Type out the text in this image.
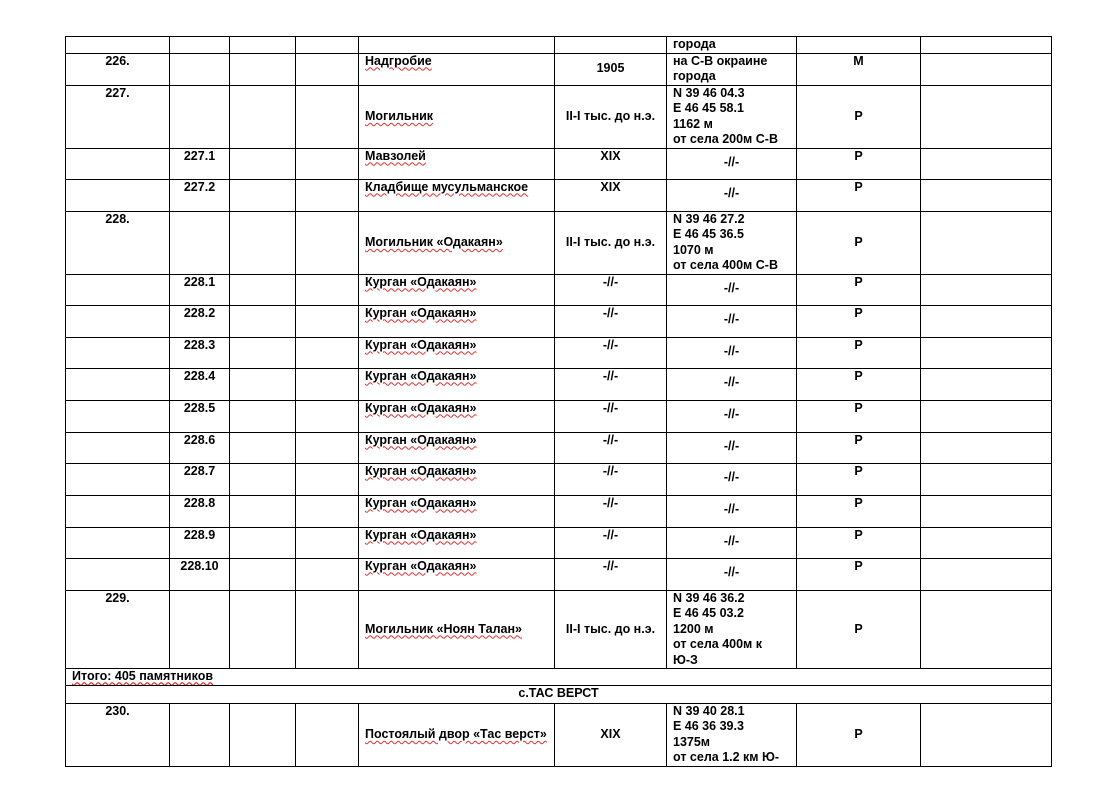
						города		
226.				Надгробие	1905	на С-В окраине
города	М	
227.				Могильник	II-I тыс. до н.э.	N 39 46 04.3
E 46 45 58.1
1162 м
от села 200м С-В	Р	
	227.1			Мавзолей	XIX	-//-	Р	
	227.2			Кладбище мусульманское	XIX	-//-	Р	
228.				Могильник «Одакаян»	II-I тыс. до н.э.	N 39 46 27.2
E 46 45 36.5
1070 м
от села 400м С-В	Р	
	228.1			Курган «Одакаян»	-//-	-//-	Р	
	228.2			Курган «Одакаян»	-//-	-//-	Р	
	228.3			Курган «Одакаян»	-//-	-//-	Р	
	228.4			Курган «Одакаян»	-//-	-//-	Р	
	228.5			Курган «Одакаян»	-//-	-//-	Р	
	228.6			Курган «Одакаян»	-//-	-//-	Р	
	228.7			Курган «Одакаян»	-//-	-//-	Р	
	228.8			Курган «Одакаян»	-//-	-//-	Р	
	228.9			Курган «Одакаян»	-//-	-//-	Р	
	228.10			Курган «Одакаян»	-//-	-//-	Р	
229.				Могильник «Ноян Талан»	II-I тыс. до н.э.	N 39 46 36.2
E 46 45 03.2
1200 м
от села 400м к
Ю-З	Р	
Итого: 405 памятников								
с.ТАС ВЕРСТ								
230.				Постоялый двор «Тас верст»	XIX	N 39 40 28.1
E 46 36 39.3
1375м
от села 1.2 км Ю-	Р	
